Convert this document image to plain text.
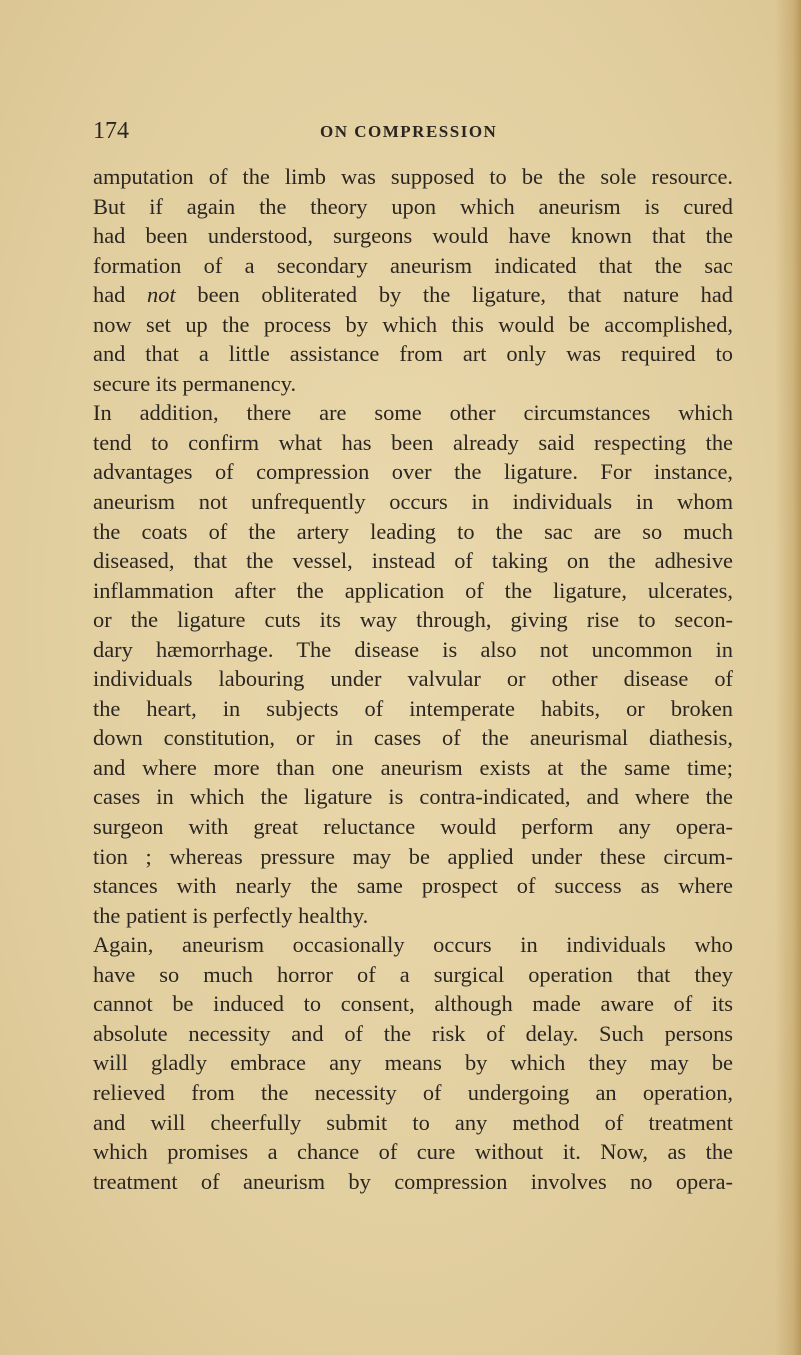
174	ON COMPRESSION
amputation of the limb was supposed to be the sole resource.
But if again the theory upon which aneurism is cured
had been understood, surgeons would have known that the
formation of a secondary aneurism indicated that the sac
had not been obliterated by the ligature, that nature had
now set up the process by which this would be accomplished,
and that a little assistance from art only was required to
secure its permanency.
In addition, there are some other circumstances which
tend to confirm what has been already said respecting the
advantages of compression over the ligature. For instance,
aneurism not unfrequently occurs in individuals in whom
the coats of the artery leading to the sac are so much
diseased, that the vessel, instead of taking on the adhesive
inflammation after the application of the ligature, ulcerates,
or the ligature cuts its way through, giving rise to secon-
dary hæmorrhage. The disease is also not uncommon in
individuals labouring under valvular or other disease of
the heart, in subjects of intemperate habits, or broken
down constitution, or in cases of the aneurismal diathesis,
and where more than one aneurism exists at the same time;
cases in which the ligature is contra-indicated, and where the
surgeon with great reluctance would perform any opera-
tion ; whereas pressure may be applied under these circum-
stances with nearly the same prospect of success as where
the patient is perfectly healthy.
Again, aneurism occasionally occurs in individuals who
have so much horror of a surgical operation that they
cannot be induced to consent, although made aware of its
absolute necessity and of the risk of delay. Such persons
will gladly embrace any means by which they may be
relieved from the necessity of undergoing an operation,
and will cheerfully submit to any method of treatment
which promises a chance of cure without it. Now, as the
treatment of aneurism by compression involves no opera-
